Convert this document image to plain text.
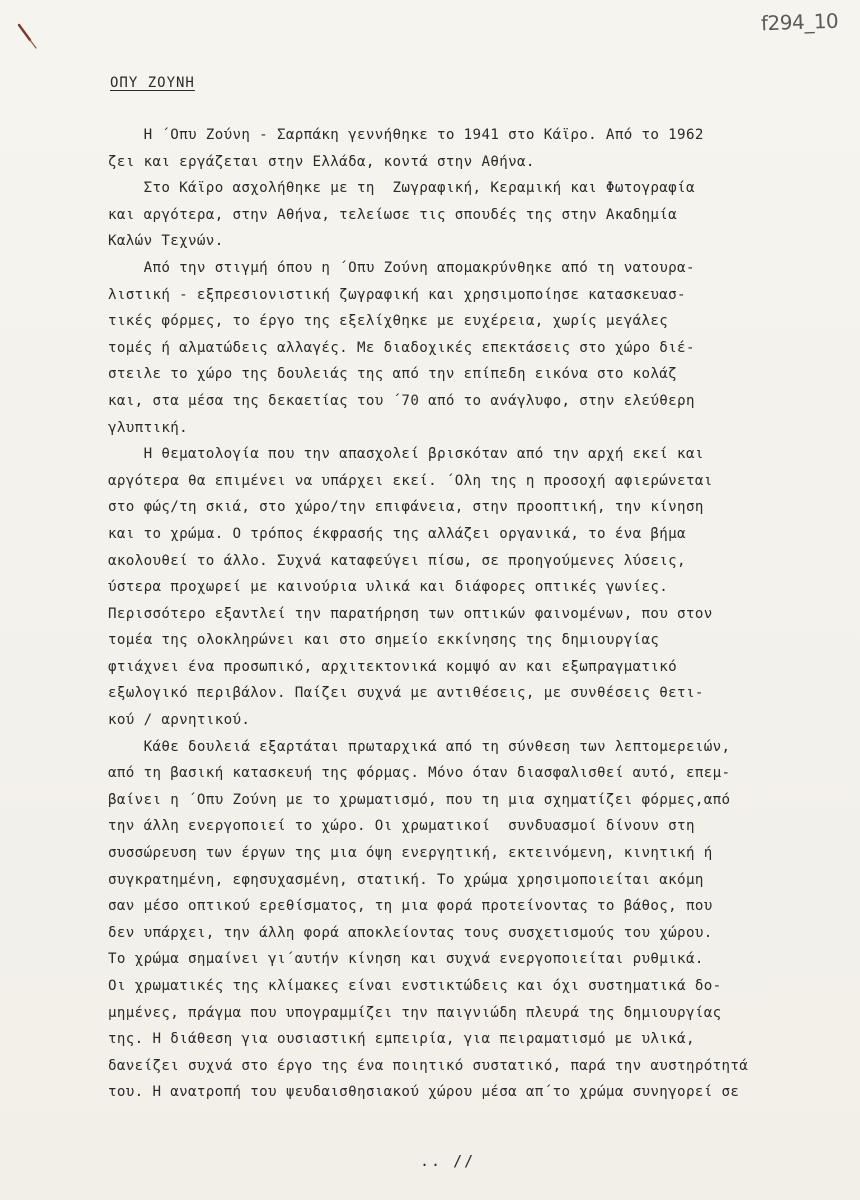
f294_10
ΟΠΥ ΖΟΥΝΗ
Η ΄Οπυ Ζούνη - Σαρπάκη γεννήθηκε το 1941 στο Κάϊρο. Από το 1962
ζει και εργάζεται στην Ελλάδα, κοντά στην Αθήνα.
Στο Κάϊρο ασχολήθηκε με τη  Ζωγραφική, Κεραμική και Φωτογραφία
και αργότερα, στην Αθήνα, τελείωσε τις σπουδές της στην Ακαδημία
Καλών Τεχνών.
Από την στιγμή όπου η ΄Οπυ Ζούνη απομακρύνθηκε από τη νατουρα-
λιστική - εξπρεσιονιστική ζωγραφική και χρησιμοποίησε κατασκευασ-
τικές φόρμες, το έργο της εξελίχθηκε με ευχέρεια, χωρίς μεγάλες
τομές ή αλματώδεις αλλαγές. Με διαδοχικές επεκτάσεις στο χώρο διέ-
στειλε το χώρο της δουλειάς της από την επίπεδη εικόνα στο κολάζ
και, στα μέσα της δεκαετίας του ΄70 από το ανάγλυφο, στην ελεύθερη
γλυπτική.
Η θεματολογία που την απασχολεί βρισκόταν από την αρχή εκεί και
αργότερα θα επιμένει να υπάρχει εκεί. ΄Ολη της η προσοχή αφιερώνεται
στο φώς/τη σκιά, στο χώρο/την επιφάνεια, στην προοπτική, την κίνηση
και το χρώμα. Ο τρόπος έκφρασής της αλλάζει οργανικά, το ένα βήμα
ακολουθεί το άλλο. Συχνά καταφεύγει πίσω, σε προηγούμενες λύσεις,
ύστερα προχωρεί με καινούρια υλικά και διάφορες οπτικές γωνίες.
Περισσότερο εξαντλεί την παρατήρηση των οπτικών φαινομένων, που στον
τομέα της ολοκληρώνει και στο σημείο εκκίνησης της δημιουργίας
φτιάχνει ένα προσωπικό, αρχιτεκτονικά κομψό αν και εξωπραγματικό
εξωλογικό περιβάλον. Παίζει συχνά με αντιθέσεις, με συνθέσεις θετι-
κού / αρνητικού.
Κάθε δουλειά εξαρτάται πρωταρχικά από τη σύνθεση των λεπτομερειών,
από τη βασική κατασκευή της φόρμας. Μόνο όταν διασφαλισθεί αυτό, επεμ-
βαίνει η ΄Οπυ Ζούνη με το χρωματισμό, που τη μια σχηματίζει φόρμες,από
την άλλη ενεργοποιεί το χώρο. Οι χρωματικοί  συνδυασμοί δίνουν στη
συσσώρευση των έργων της μια όψη ενεργητική, εκτεινόμενη, κινητική ή
συγκρατημένη, εφησυχασμένη, στατική. Το χρώμα χρησιμοποιείται ακόμη
σαν μέσο οπτικού ερεθίσματος, τη μια φορά προτείνοντας το βάθος, που
δεν υπάρχει, την άλλη φορά αποκλείοντας τους συσχετισμούς του χώρου.
Το χρώμα σημαίνει γι΄αυτήν κίνηση και συχνά ενεργοποιείται ρυθμικά.
Οι χρωματικές της κλίμακες είναι ενστικτώδεις και όχι συστηματικά δο-
μημένες, πράγμα που υπογραμμίζει την παιγνιώδη πλευρά της δημιουργίας
της. Η διάθεση για ουσιαστική εμπειρία, για πειραματισμό με υλικά,
δανείζει συχνά στο έργο της ένα ποιητικό συστατικό, παρά την αυστηρότητά
του. Η ανατροπή του ψευδαισθησιακού χώρου μέσα απ΄το χρώμα συνηγορεί σε
.. //
